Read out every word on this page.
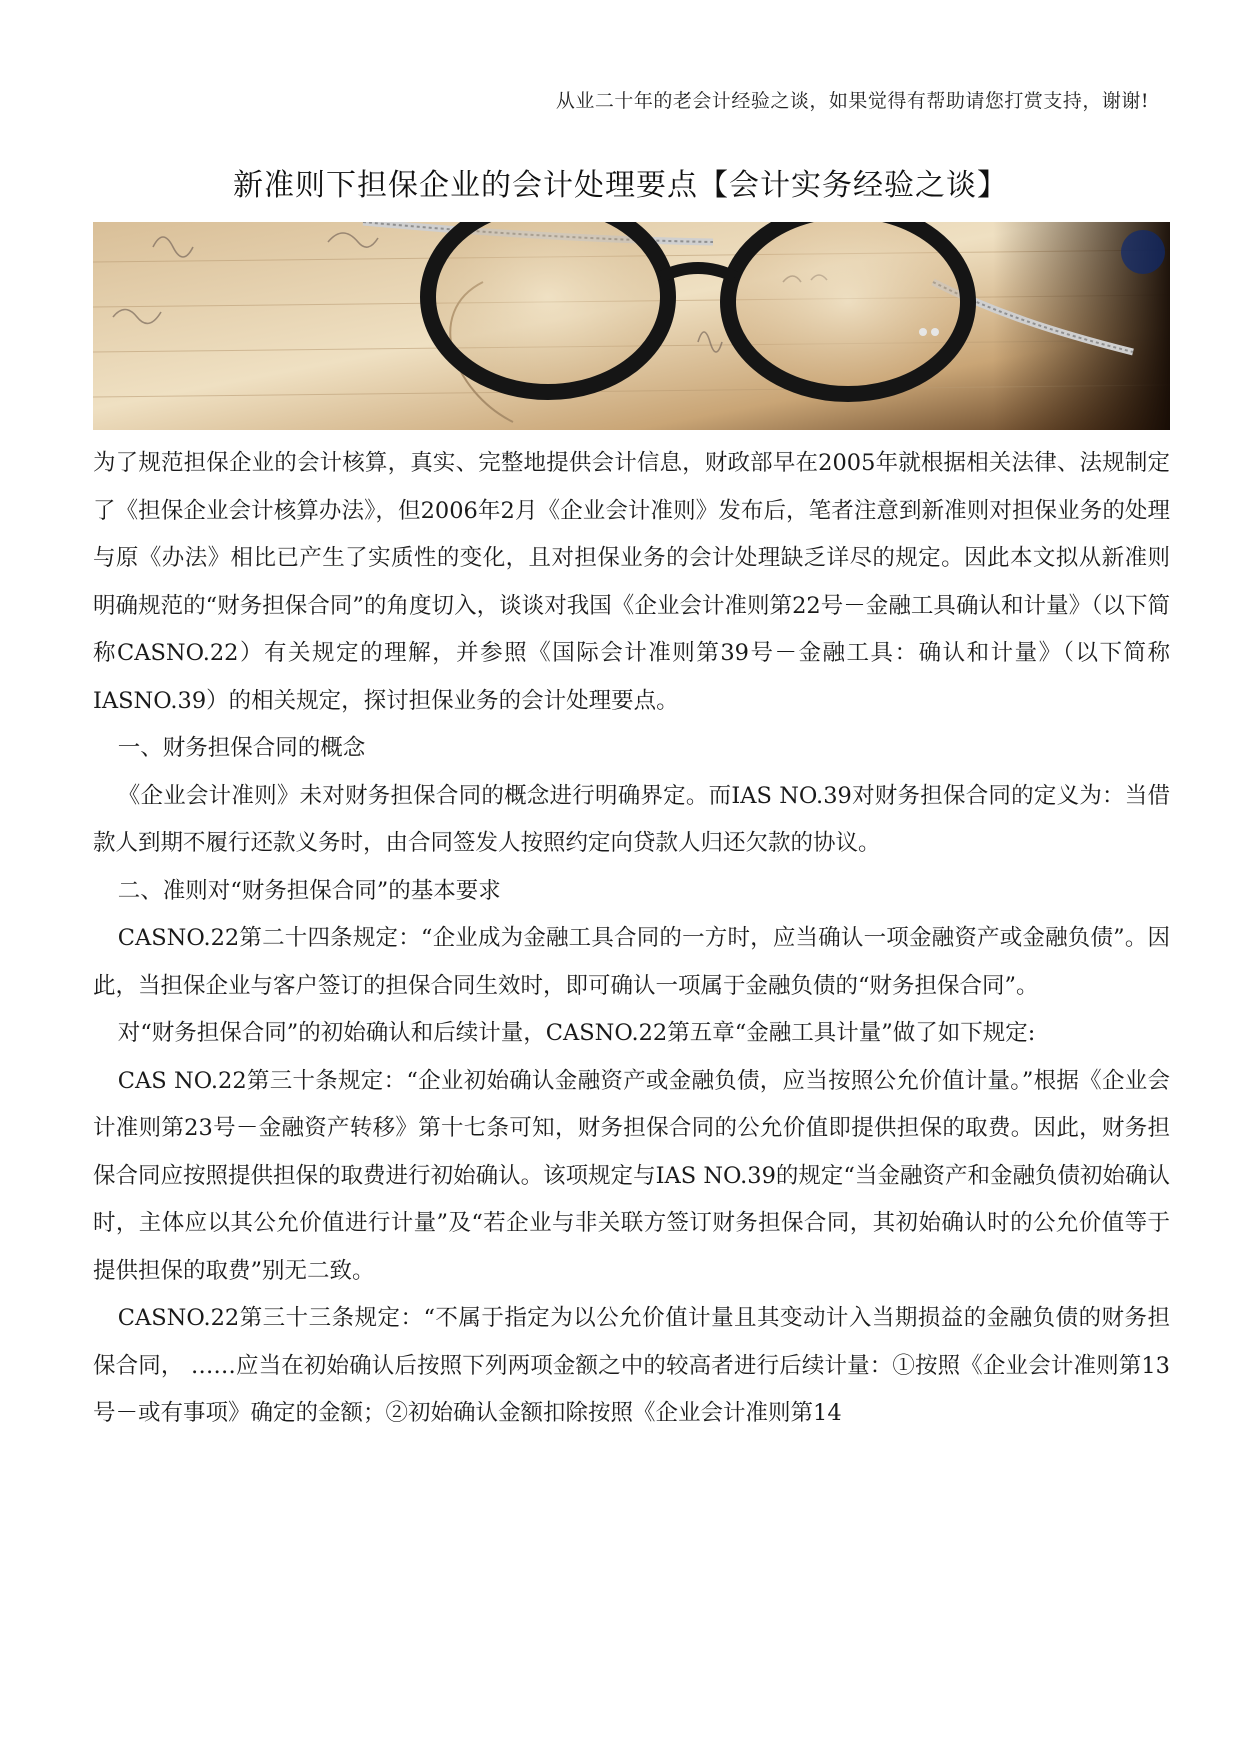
从业二十年的老会计经验之谈，如果觉得有帮助请您打赏支持，谢谢!
新准则下担保企业的会计处理要点【会计实务经验之谈】

为了规范担保企业的会计核算，真实、完整地提供会计信息，财政部早在2005年就根据相关法律、法规制定了《担保企业会计核算办法》，但2006年2月《企业会计准则》发布后，笔者注意到新准则对担保业务的处理与原《办法》相比已产生了实质性的变化，且对担保业务的会计处理缺乏详尽的规定。因此本文拟从新准则明确规范的“财务担保合同”的角度切入，谈谈对我国《企业会计准则第22号－金融工具确认和计量》（以下简称CASNO.22）有关规定的理解，并参照《国际会计准则第39号－金融工具：确认和计量》（以下简称IASNO.39）的相关规定，探讨担保业务的会计处理要点。

一、财务担保合同的概念

《企业会计准则》未对财务担保合同的概念进行明确界定。而IAS NO.39对财务担保合同的定义为：当借款人到期不履行还款义务时，由合同签发人按照约定向贷款人归还欠款的协议。

二、准则对“财务担保合同”的基本要求

CASNO.22第二十四条规定：“企业成为金融工具合同的一方时，应当确认一项金融资产或金融负债”。因此，当担保企业与客户签订的担保合同生效时，即可确认一项属于金融负债的“财务担保合同”。

对“财务担保合同”的初始确认和后续计量，CASNO.22第五章“金融工具计量”做了如下规定:

CAS NO.22第三十条规定：“企业初始确认金融资产或金融负债，应当按照公允价值计量。”根据《企业会计准则第23号－金融资产转移》第十七条可知，财务担保合同的公允价值即提供担保的取费。因此，财务担保合同应按照提供担保的取费进行初始确认。该项规定与IAS NO.39的规定“当金融资产和金融负债初始确认时，主体应以其公允价值进行计量”及“若企业与非关联方签订财务担保合同，其初始确认时的公允价值等于提供担保的取费”别无二致。

CASNO.22第三十三条规定：“不属于指定为以公允价值计量且其变动计入当期损益的金融负债的财务担保合同， ……应当在初始确认后按照下列两项金额之中的较高者进行后续计量：①按照《企业会计准则第13 号－或有事项》确定的金额；②初始确认金额扣除按照《企业会计准则第14
